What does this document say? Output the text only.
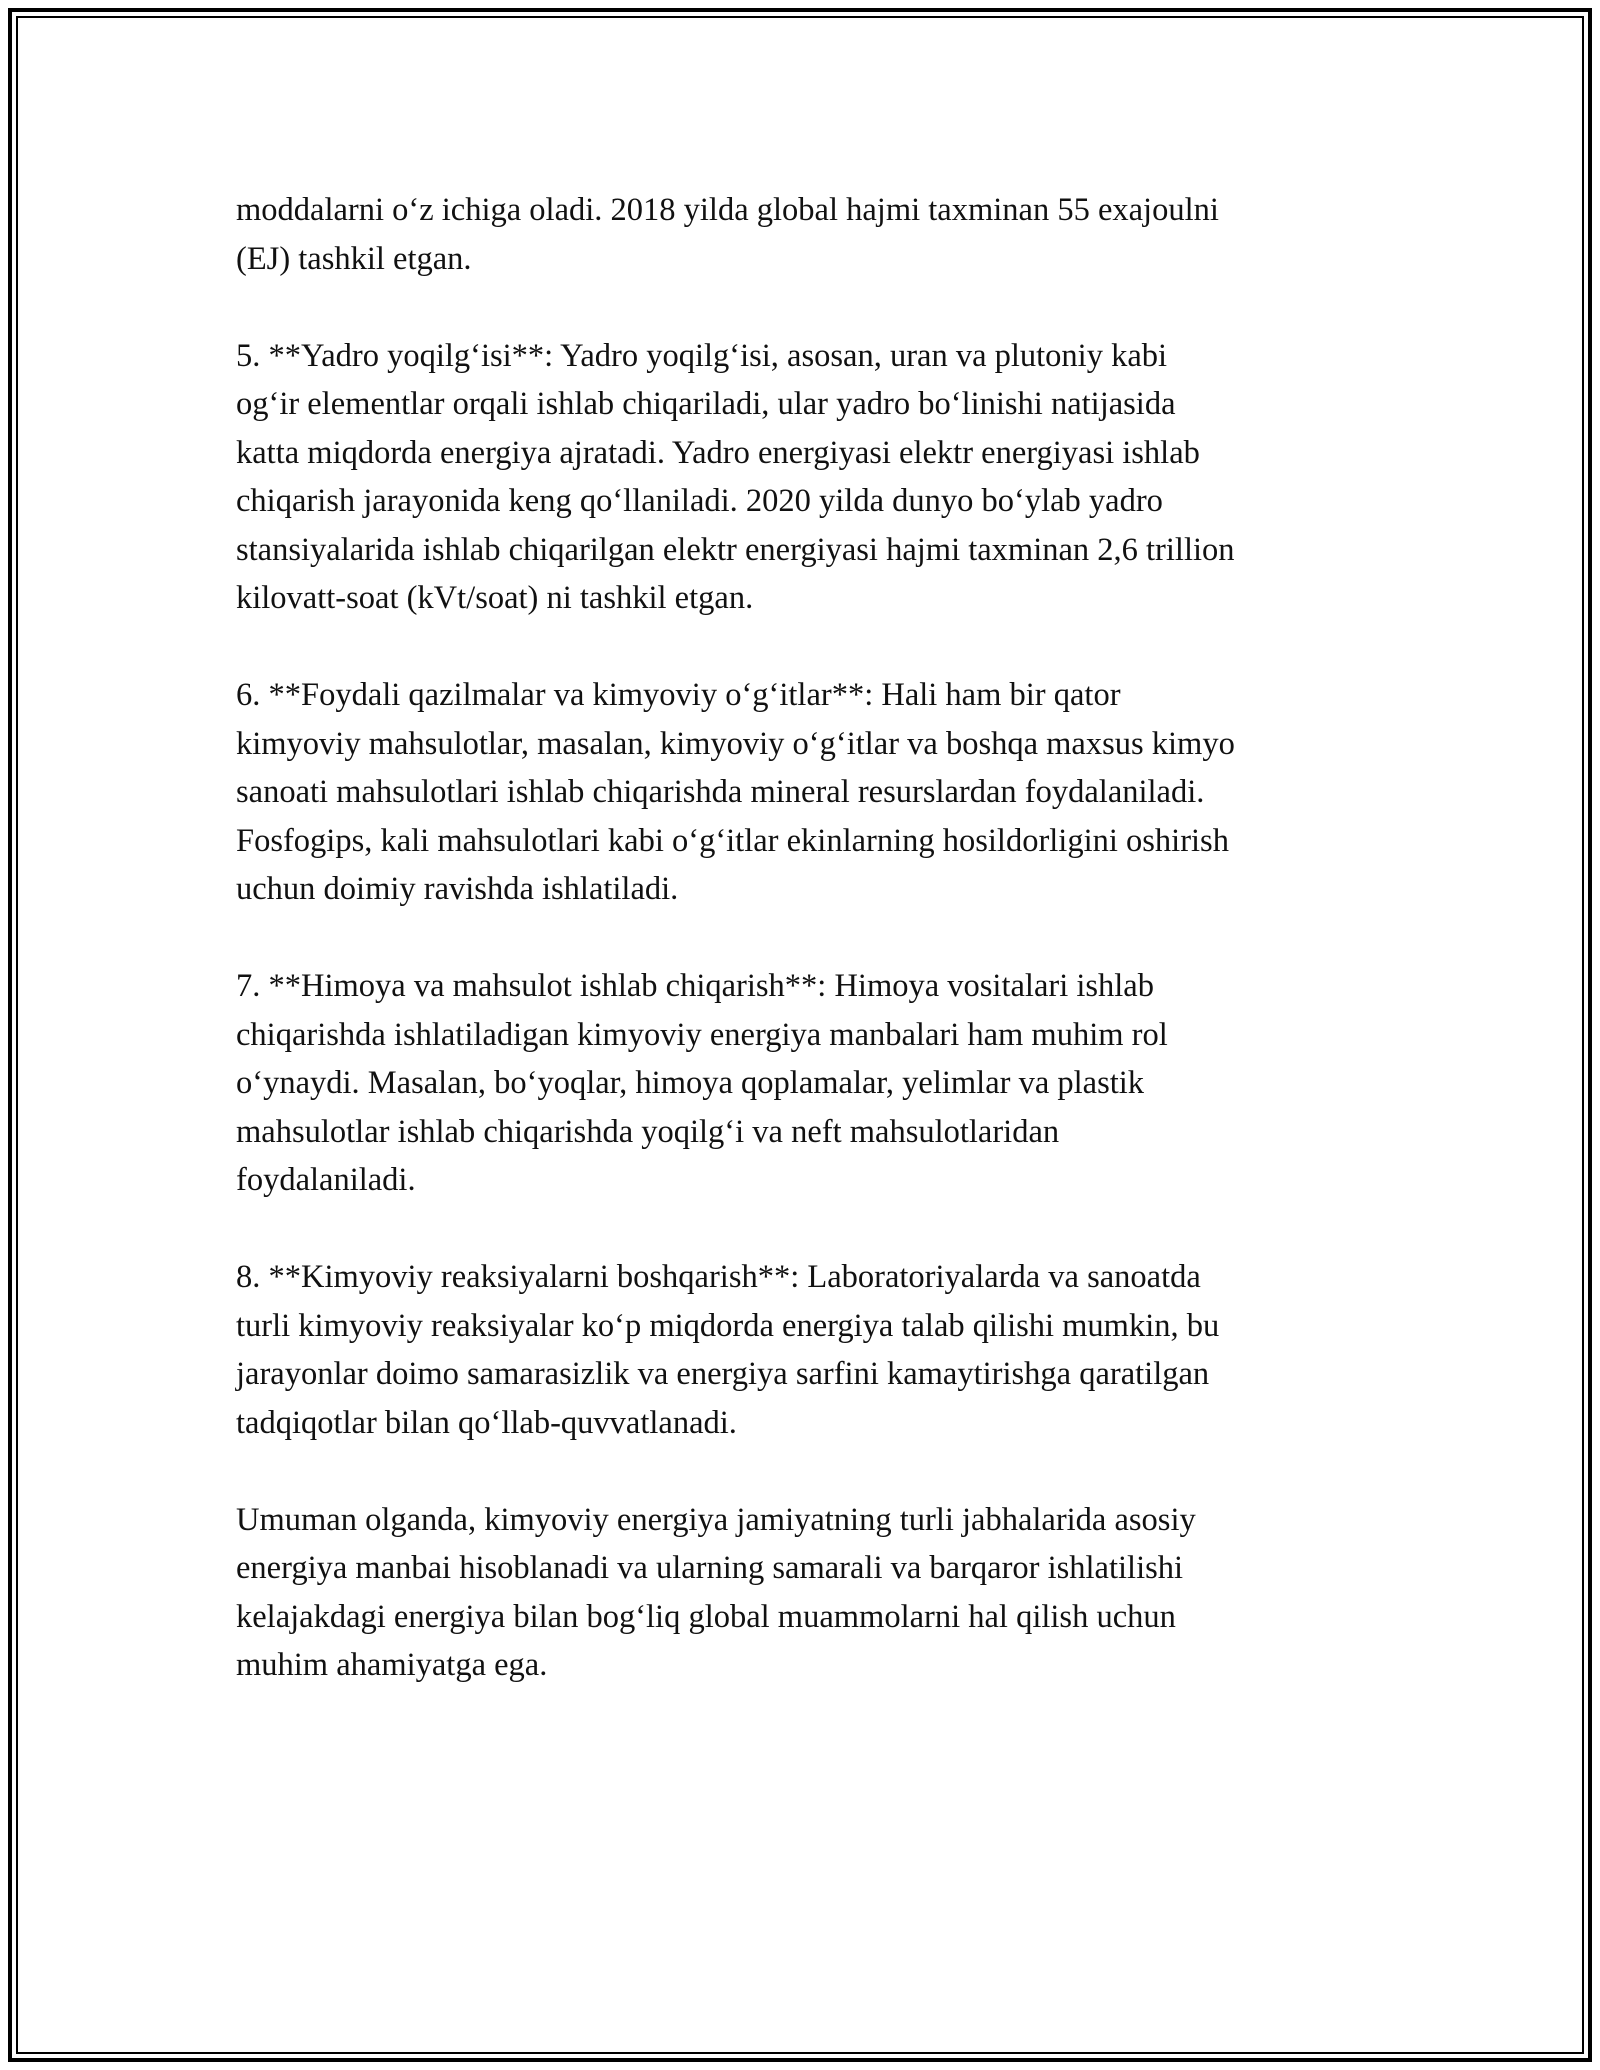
moddalarni o‘z ichiga oladi. 2018 yilda global hajmi taxminan 55 exajoulni
(EJ) tashkil etgan.

5. **Yadro yoqilg‘isi**: Yadro yoqilg‘isi, asosan, uran va plutoniy kabi
og‘ir elementlar orqali ishlab chiqariladi, ular yadro bo‘linishi natijasida
katta miqdorda energiya ajratadi. Yadro energiyasi elektr energiyasi ishlab
chiqarish jarayonida keng qo‘llaniladi. 2020 yilda dunyo bo‘ylab yadro
stansiyalarida ishlab chiqarilgan elektr energiyasi hajmi taxminan 2,6 trillion
kilovatt-soat (kVt/soat) ni tashkil etgan.

6. **Foydali qazilmalar va kimyoviy o‘g‘itlar**: Hali ham bir qator
kimyoviy mahsulotlar, masalan, kimyoviy o‘g‘itlar va boshqa maxsus kimyo
sanoati mahsulotlari ishlab chiqarishda mineral resurslardan foydalaniladi.
Fosfogips, kali mahsulotlari kabi o‘g‘itlar ekinlarning hosildorligini oshirish
uchun doimiy ravishda ishlatiladi.

7. **Himoya va mahsulot ishlab chiqarish**: Himoya vositalari ishlab
chiqarishda ishlatiladigan kimyoviy energiya manbalari ham muhim rol
o‘ynaydi. Masalan, bo‘yoqlar, himoya qoplamalar, yelimlar va plastik
mahsulotlar ishlab chiqarishda yoqilg‘i va neft mahsulotlaridan
foydalaniladi.

8. **Kimyoviy reaksiyalarni boshqarish**: Laboratoriyalarda va sanoatda
turli kimyoviy reaksiyalar ko‘p miqdorda energiya talab qilishi mumkin, bu
jarayonlar doimo samarasizlik va energiya sarfini kamaytirishga qaratilgan
tadqiqotlar bilan qo‘llab-quvvatlanadi.

Umuman olganda, kimyoviy energiya jamiyatning turli jabhalarida asosiy
energiya manbai hisoblanadi va ularning samarali va barqaror ishlatilishi
kelajakdagi energiya bilan bog‘liq global muammolarni hal qilish uchun
muhim ahamiyatga ega.
